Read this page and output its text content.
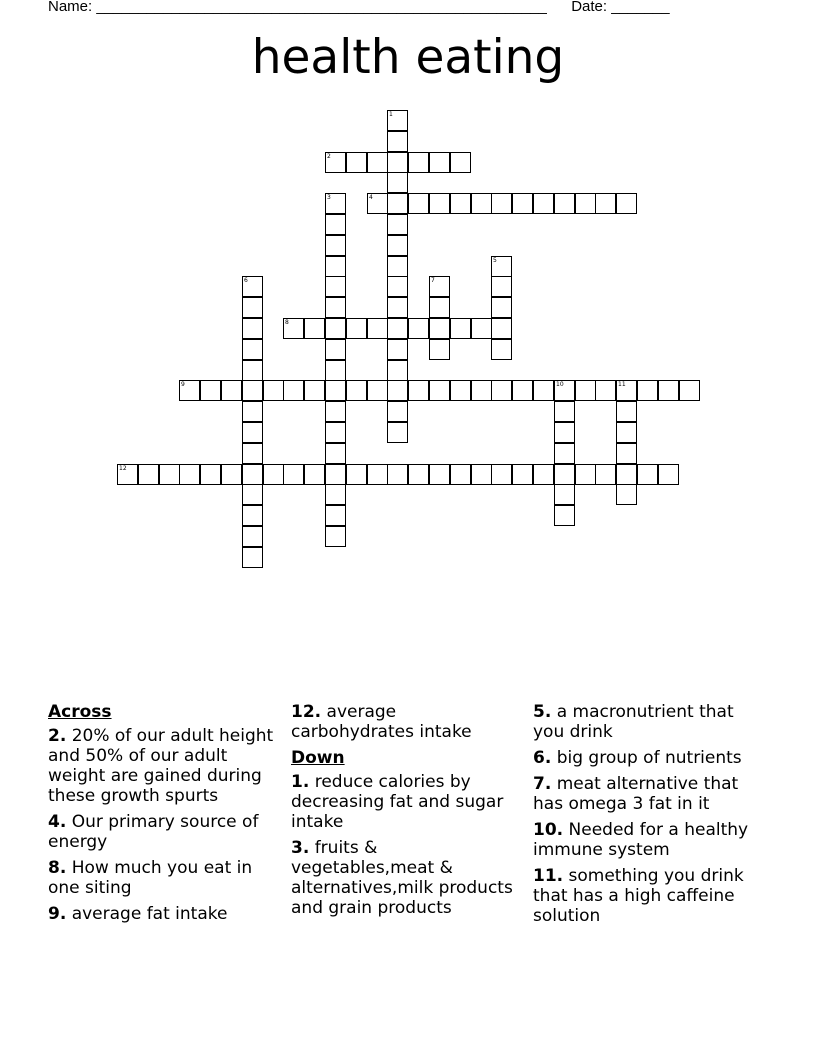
Name: ______________________________________________________ Date: _______
health eating
1
2
3	4
5
6	7
8
9	10	11
12
Across
2. 20% of our adult height and 50% of our adult weight are gained during these growth spurts
4. Our primary source of energy
8. How much you eat in one siting
9. average fat intake
12. average carbohydrates intake
Down
1. reduce calories by decreasing fat and sugar intake
3. fruits & vegetables,meat & alternatives,milk products and grain products
5. a macronutrient that you drink
6. big group of nutrients
7. meat alternative that has omega 3 fat in it
10. Needed for a healthy immune system
11. something you drink that has a high caffeine solution
